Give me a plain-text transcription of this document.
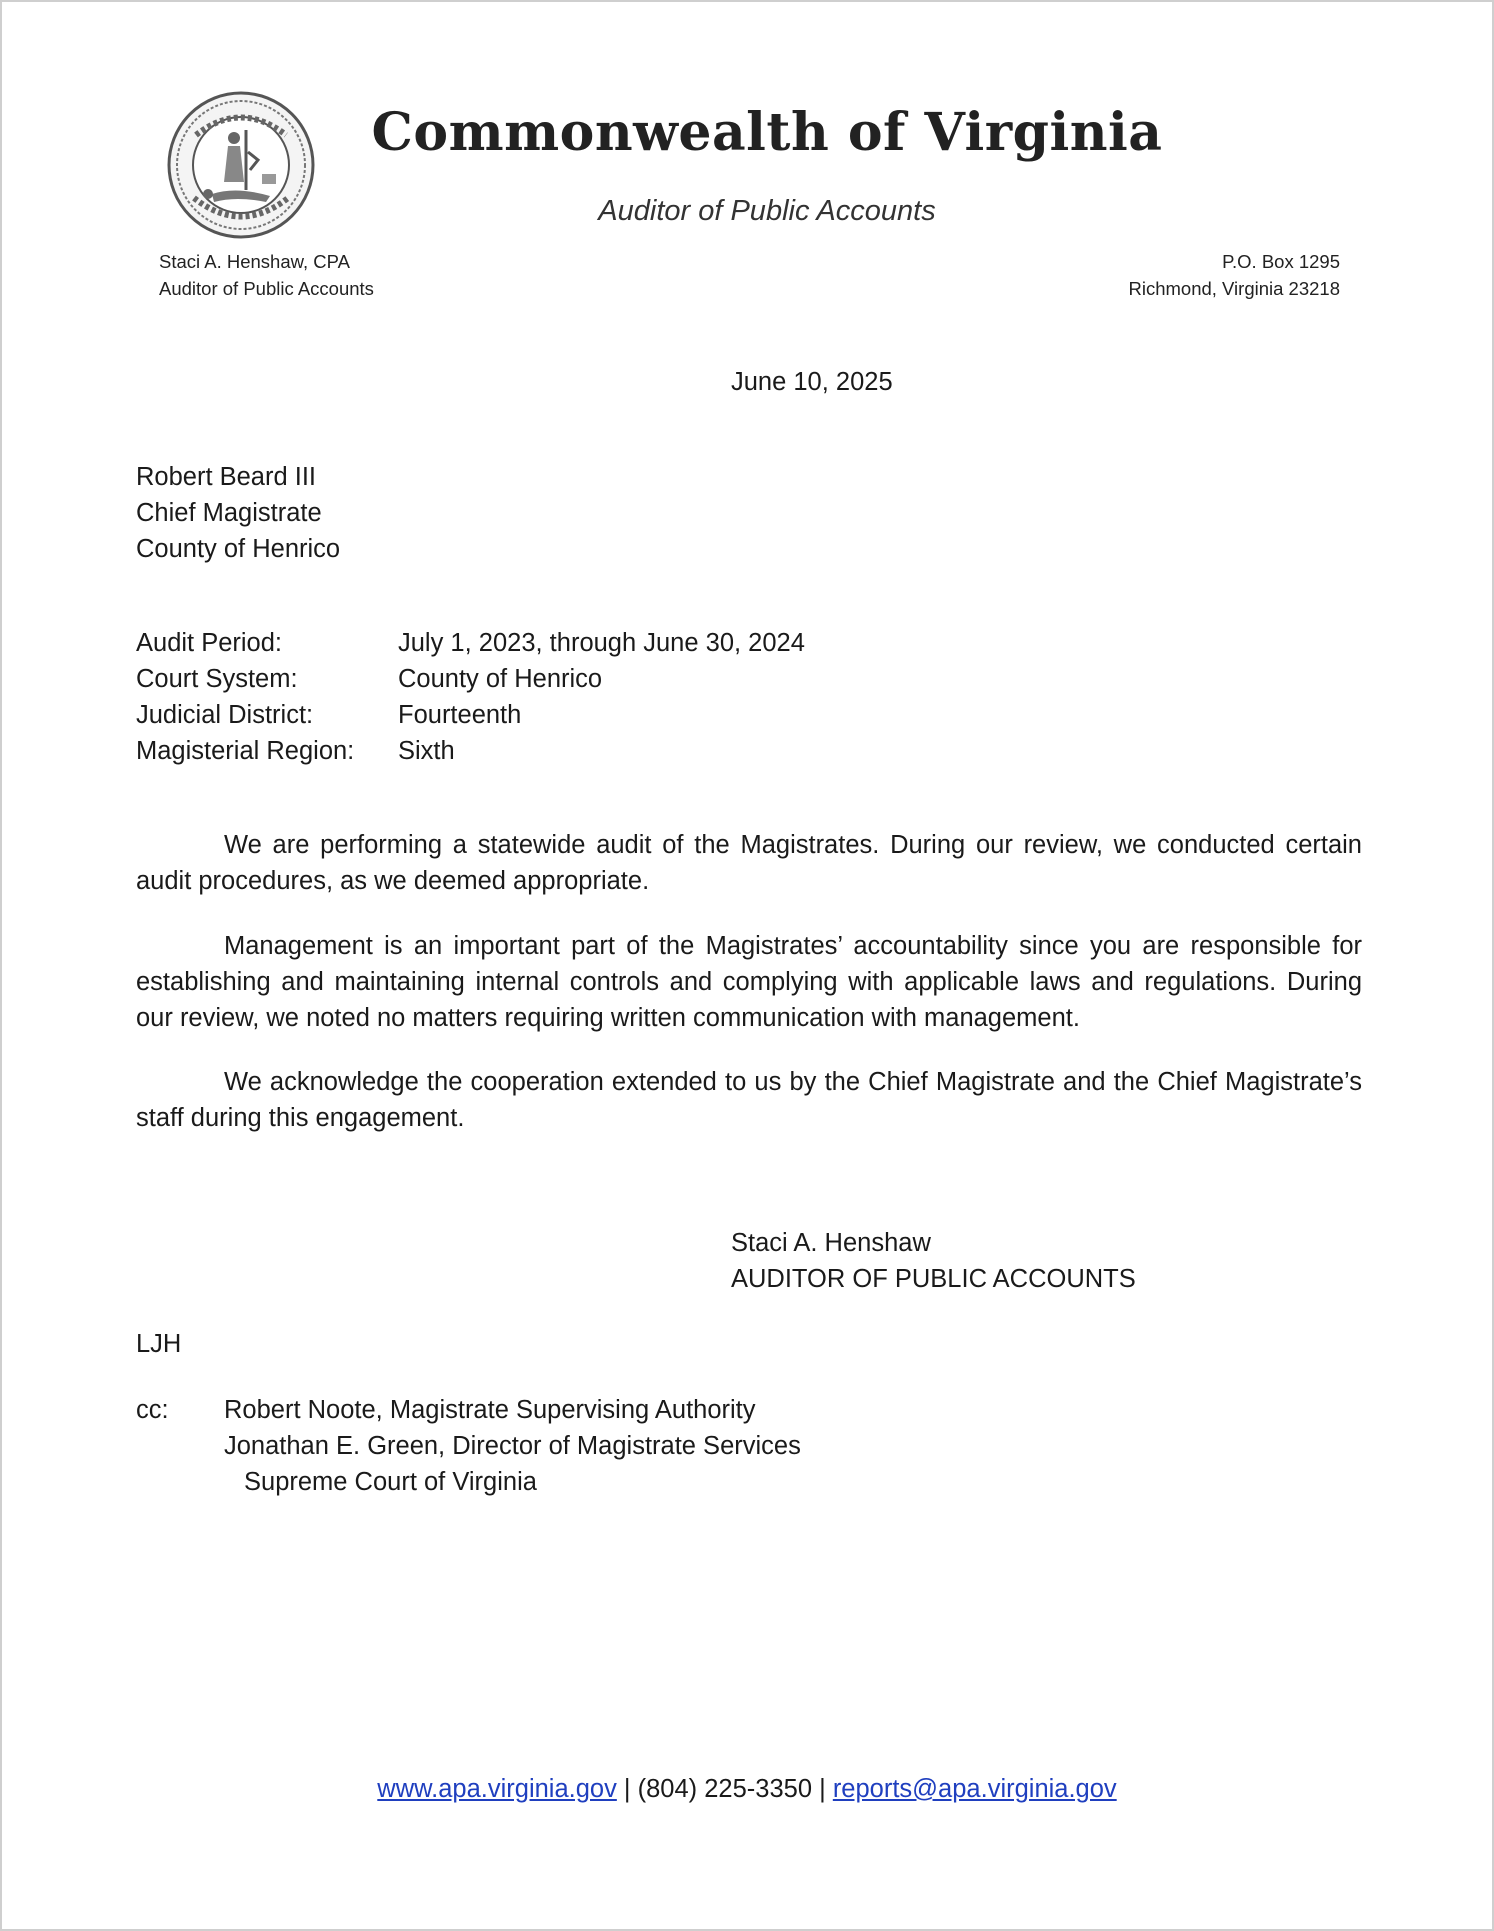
Commonwealth of Virginia
Auditor of Public Accounts
Staci A. Henshaw, CPA
Auditor of Public Accounts
P.O. Box 1295
Richmond, Virginia 23218
June 10, 2025
Robert Beard III
Chief Magistrate
County of Henrico
Audit Period:	July 1, 2023, through June 30, 2024
Court System:	County of Henrico
Judicial District:	Fourteenth
Magisterial Region:	Sixth
We are performing a statewide audit of the Magistrates. During our review, we conducted certain audit procedures, as we deemed appropriate.
Management is an important part of the Magistrates’ accountability since you are responsible for establishing and maintaining internal controls and complying with applicable laws and regulations. During our review, we noted no matters requiring written communication with management.
We acknowledge the cooperation extended to us by the Chief Magistrate and the Chief Magistrate’s staff during this engagement.
Staci A. Henshaw
AUDITOR OF PUBLIC ACCOUNTS
LJH
cc: Robert Noote, Magistrate Supervising Authority
Jonathan E. Green, Director of Magistrate Services
Supreme Court of Virginia
www.apa.virginia.gov | (804) 225-3350 | reports@apa.virginia.gov
